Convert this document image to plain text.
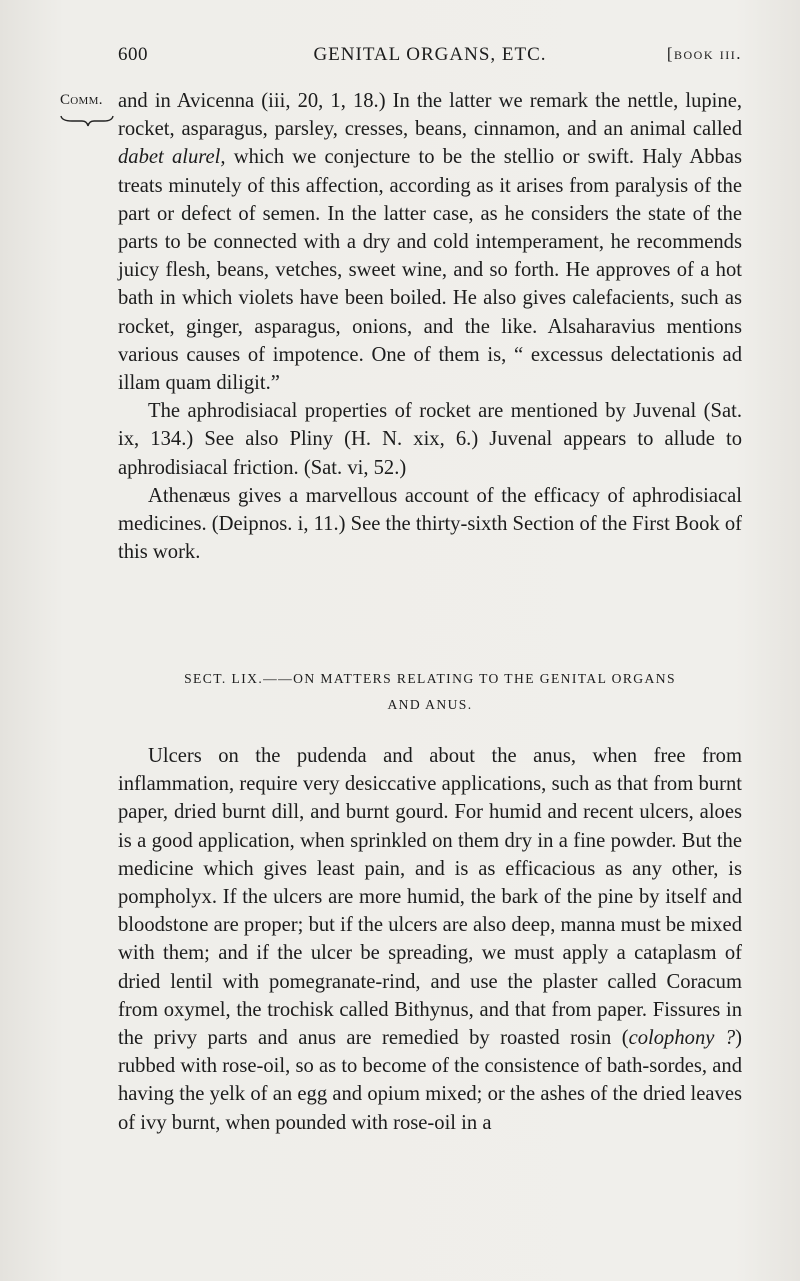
600	GENITAL ORGANS, ETC.	[book iii.
Comm. and in Avicenna (iii, 20, 1, 18.) In the latter we remark the nettle, lupine, rocket, asparagus, parsley, cresses, beans, cinnamon, and an animal called dabet alurel, which we conjecture to be the stellio or swift. Haly Abbas treats minutely of this affection, according as it arises from paralysis of the part or defect of semen. In the latter case, as he considers the state of the parts to be connected with a dry and cold intemperament, he recommends juicy flesh, beans, vetches, sweet wine, and so forth. He approves of a hot bath in which violets have been boiled. He also gives calefacients, such as rocket, ginger, asparagus, onions, and the like. Alsaharavius mentions various causes of impotence. One of them is, “ excessus delectationis ad illam quam diligit.”

The aphrodisiacal properties of rocket are mentioned by Juvenal (Sat. ix, 134.) See also Pliny (H. N. xix, 6.) Juvenal appears to allude to aphrodisiacal friction. (Sat. vi, 52.)

Athenæus gives a marvellous account of the efficacy of aphrodisiacal medicines. (Deipnos. i, 11.) See the thirty-sixth Section of the First Book of this work.

SECT. LIX.——ON MATTERS RELATING TO THE GENITAL ORGANS
AND ANUS.

Ulcers on the pudenda and about the anus, when free from inflammation, require very desiccative applications, such as that from burnt paper, dried burnt dill, and burnt gourd. For humid and recent ulcers, aloes is a good application, when sprinkled on them dry in a fine powder. But the medicine which gives least pain, and is as efficacious as any other, is pompholyx. If the ulcers are more humid, the bark of the pine by itself and bloodstone are proper; but if the ulcers are also deep, manna must be mixed with them; and if the ulcer be spreading, we must apply a cataplasm of dried lentil with pomegranate-rind, and use the plaster called Coracum from oxymel, the trochisk called Bithynus, and that from paper. Fissures in the privy parts and anus are remedied by roasted rosin (colophony ?) rubbed with rose-oil, so as to become of the consistence of bath-sordes, and having the yelk of an egg and opium mixed; or the ashes of the dried leaves of ivy burnt, when pounded with rose-oil in a
